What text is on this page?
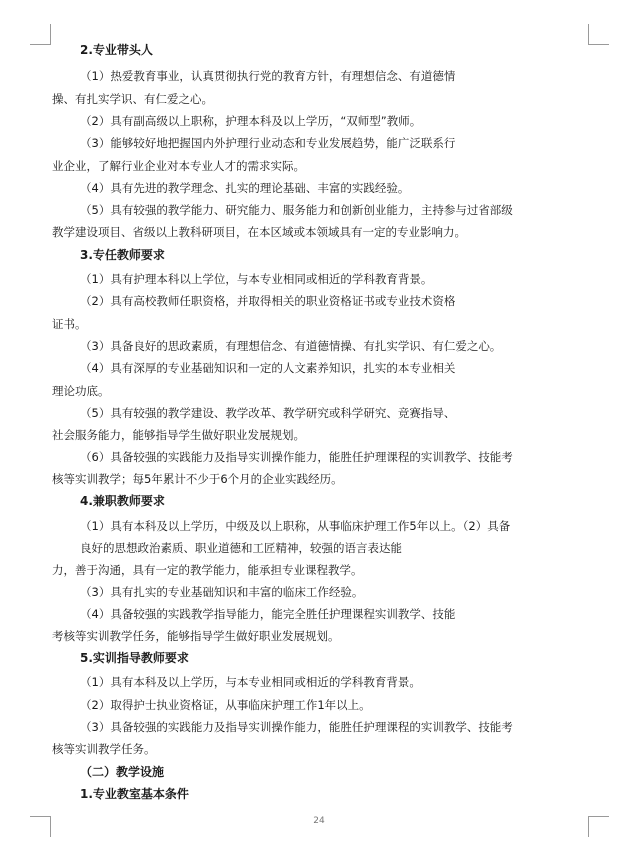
2.专业带头人
（1）热爱教育事业，认真贯彻执行党的教育方针，有理想信念、有道德情
操、有扎实学识、有仁爱之心。
（2）具有副高级以上职称，护理本科及以上学历，“双师型”教师。
（3）能够较好地把握国内外护理行业动态和专业发展趋势，能广泛联系行
业企业，了解行业企业对本专业人才的需求实际。
（4）具有先进的教学理念、扎实的理论基础、丰富的实践经验。
（5）具有较强的教学能力、研究能力、服务能力和创新创业能力，主持参与过省部级
教学建设项目、省级以上教科研项目，在本区域或本领域具有一定的专业影响力。
3.专任教师要求
（1）具有护理本科以上学位，与本专业相同或相近的学科教育背景。
（2）具有高校教师任职资格，并取得相关的职业资格证书或专业技术资格
证书。
（3）具备良好的思政素质，有理想信念、有道德情操、有扎实学识、有仁爱之心。
（4）具有深厚的专业基础知识和一定的人文素养知识，扎实的本专业相关
理论功底。
（5）具有较强的教学建设、教学改革、教学研究或科学研究、竞赛指导、
社会服务能力，能够指导学生做好职业发展规划。
（6）具备较强的实践能力及指导实训操作能力，能胜任护理课程的实训教学、技能考
核等实训教学；每5年累计不少于6个月的企业实践经历。
4.兼职教师要求
（1）具有本科及以上学历，中级及以上职称，从事临床护理工作5年以上。（2）具备
良好的思想政治素质、职业道德和工匠精神，较强的语言表达能
力，善于沟通，具有一定的教学能力，能承担专业课程教学。
（3）具有扎实的专业基础知识和丰富的临床工作经验。
（4）具备较强的实践教学指导能力，能完全胜任护理课程实训教学、技能
考核等实训教学任务，能够指导学生做好职业发展规划。
5.实训指导教师要求
（1）具有本科及以上学历，与本专业相同或相近的学科教育背景。
（2）取得护士执业资格证，从事临床护理工作1年以上。
（3）具备较强的实践能力及指导实训操作能力，能胜任护理课程的实训教学、技能考
核等实训教学任务。
（二）教学设施
1.专业教室基本条件
24
